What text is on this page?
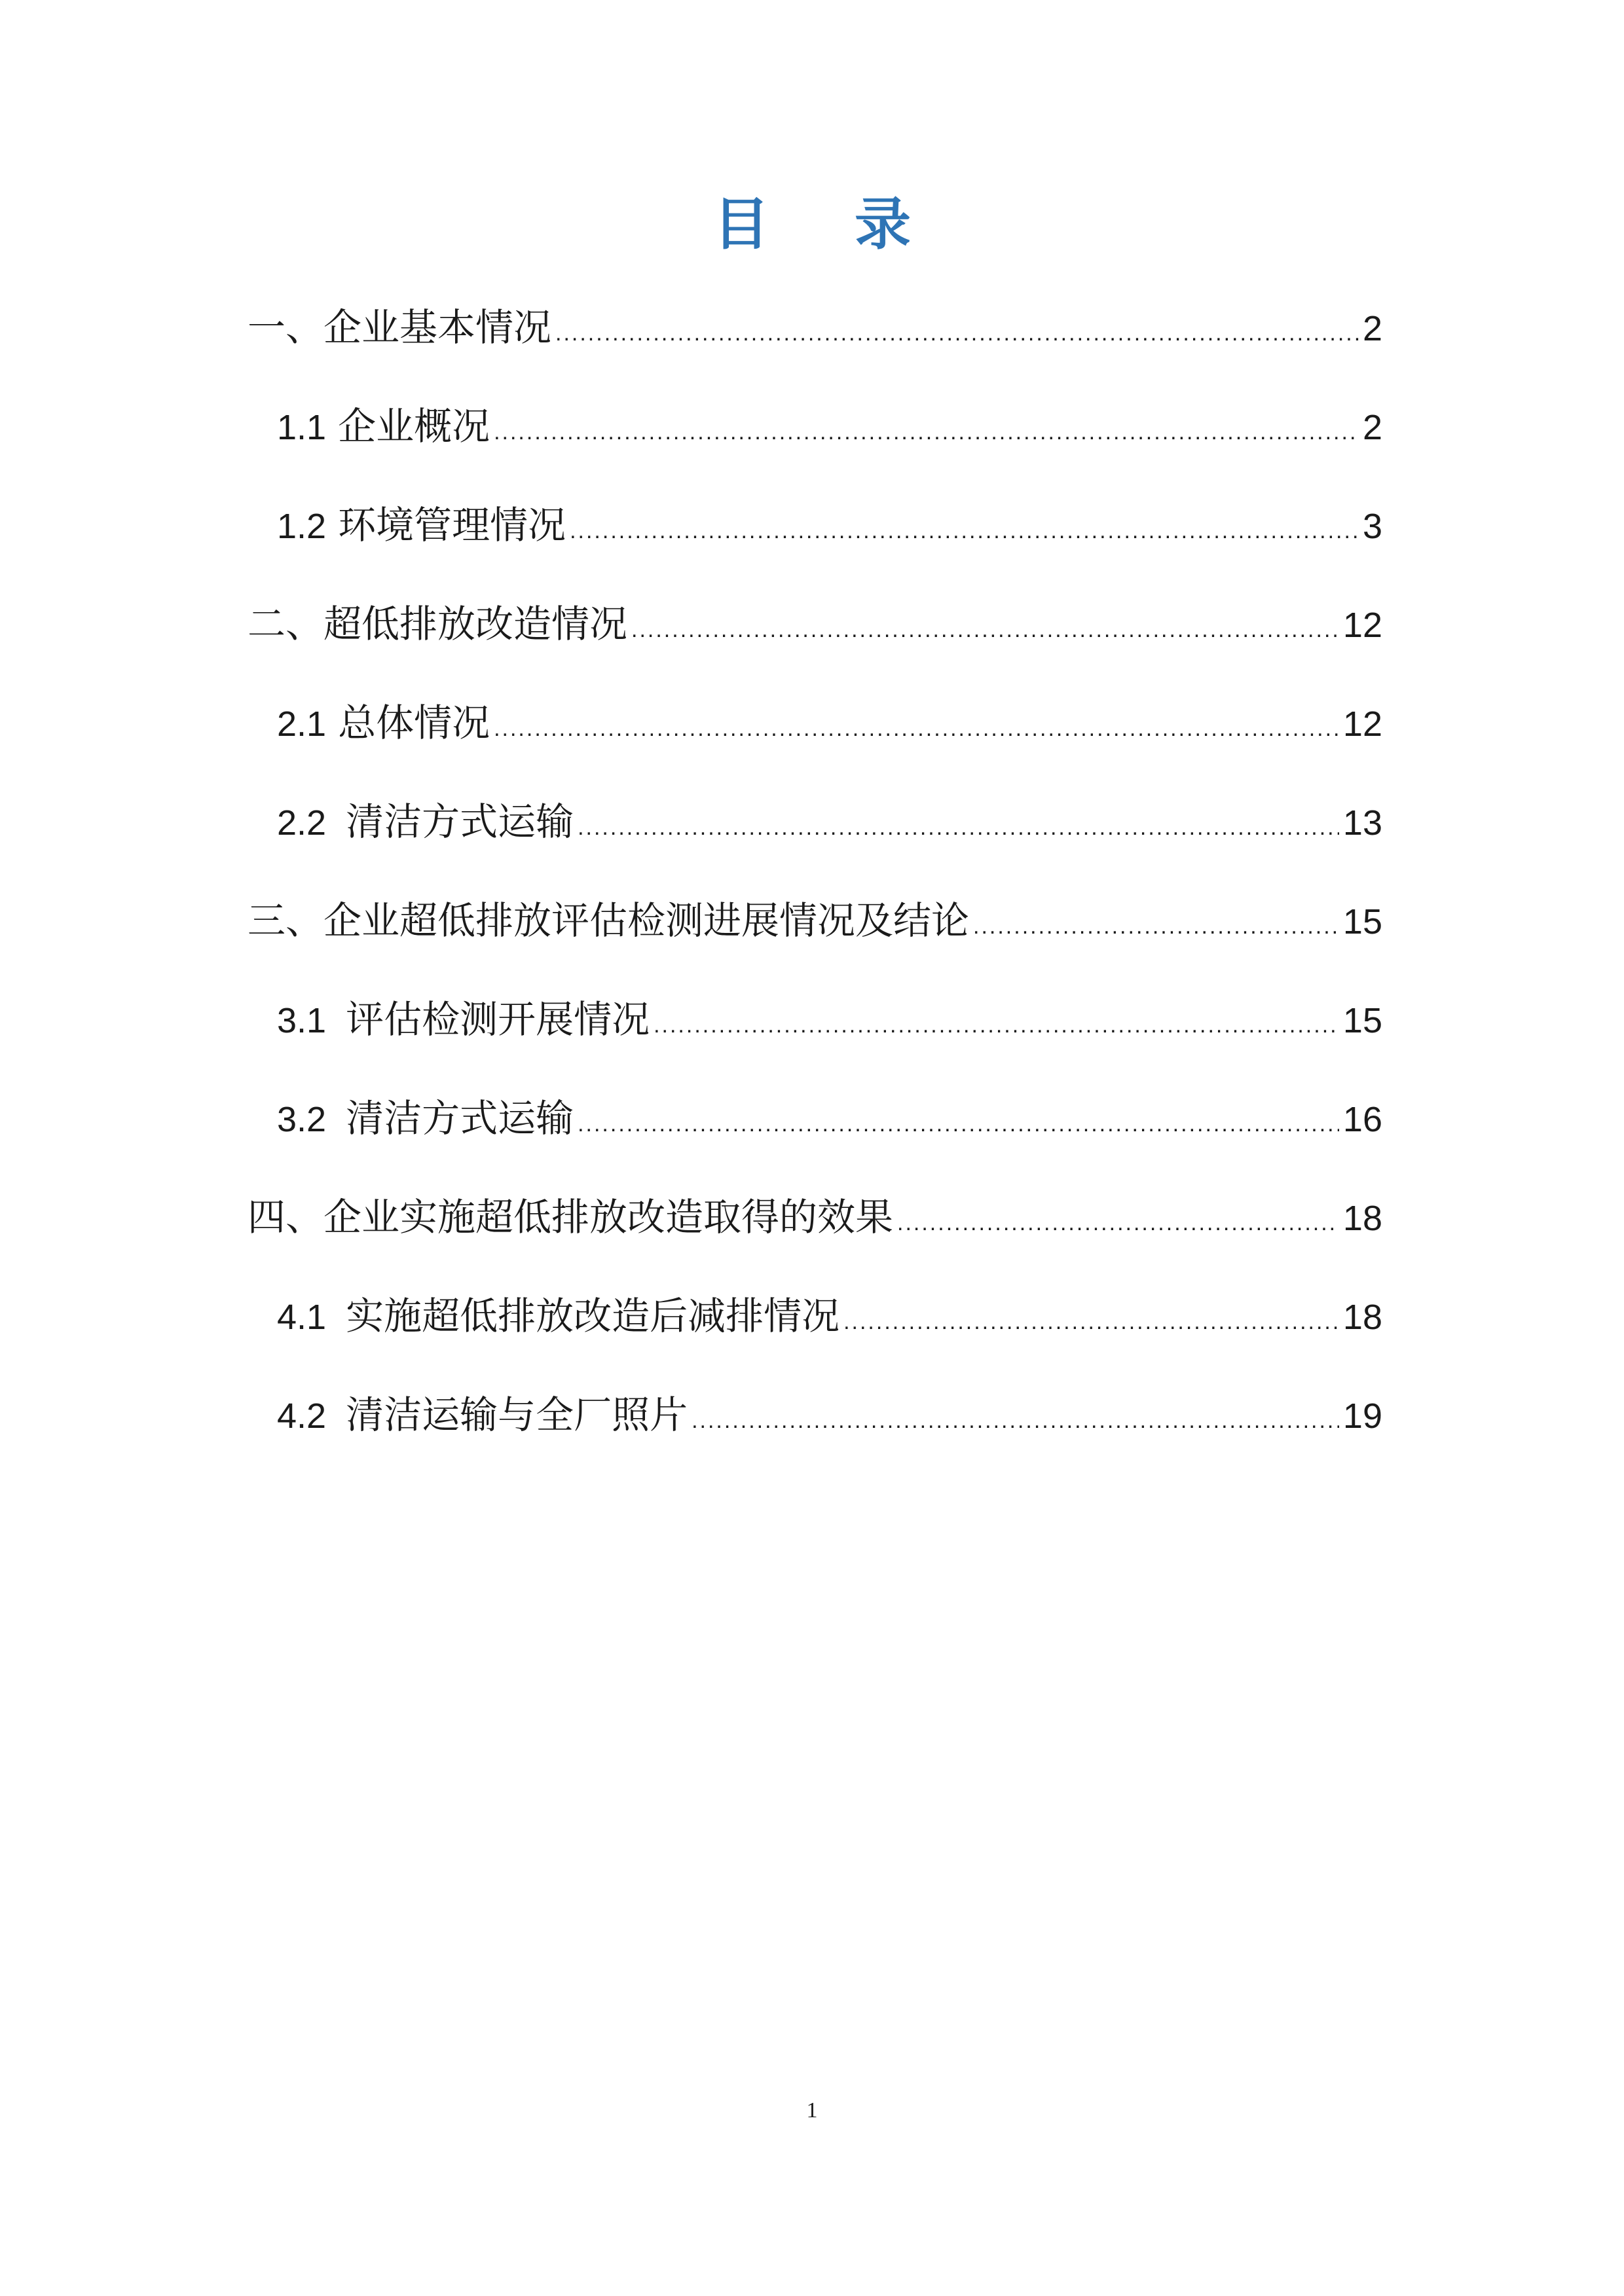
目 录
一、企业基本情况 .....	2
1.1 企业概况 .....	2
1.2 环境管理情况 .....	3
二、超低排放改造情况 .....	12
2.1 总体情况 .....	12
2.2 清洁方式运输 .....	13
三、企业超低排放评估检测进展情况及结论 .....	15
3.1 评估检测开展情况 .....	15
3.2 清洁方式运输 .....	16
四、企业实施超低排放改造取得的效果 .....	18
4.1 实施超低排放改造后减排情况 .....	18
4.2 清洁运输与全厂照片 .....	19
1
